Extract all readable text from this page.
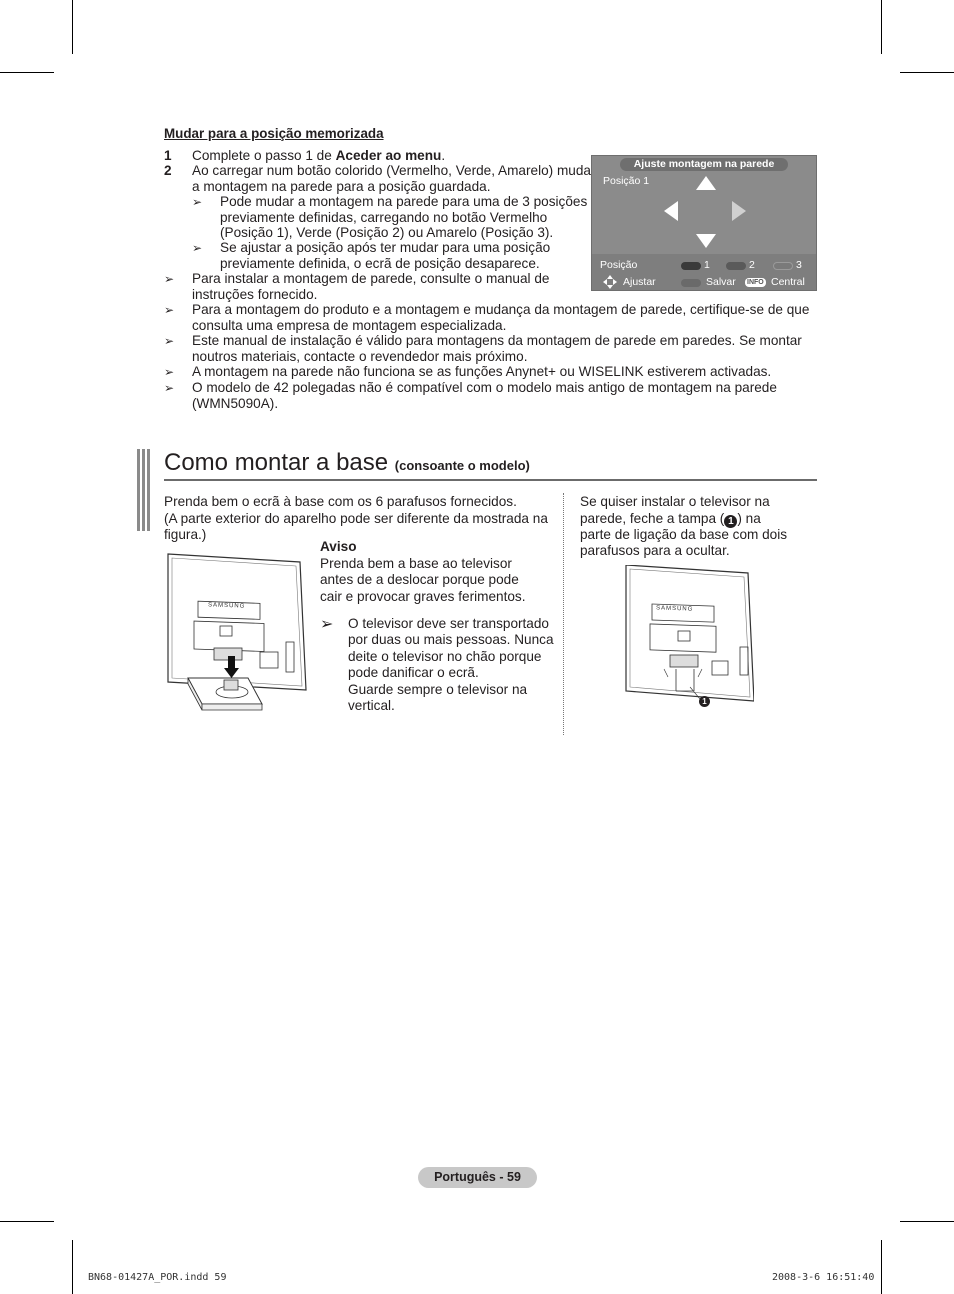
Mudar para a posição memorizada
1 Complete o passo 1 de Aceder ao menu.
2 Ao carregar num botão colorido (Vermelho, Verde, Amarelo) muda
a montagem na parede para a posição guardada.
➢ Pode mudar a montagem na parede para uma de 3 posições
previamente definidas, carregando no botão Vermelho
(Posição 1), Verde (Posição 2) ou Amarelo (Posição 3).
➢ Se ajustar a posição após ter mudar para uma posição
previamente definida, o ecrã de posição desaparece.
➢ Para instalar a montagem de parede, consulte o manual de
instruções fornecido.
➢ Para a montagem do produto e a montagem e mudança da montagem de parede, certifique-se de que
consulta uma empresa de montagem especializada.
➢ Este manual de instalação é válido para montagens da montagem de parede em paredes. Se montar
noutros materiais, contacte o revendedor mais próximo.
➢ A montagem na parede não funciona se as funções Anynet+ ou WISELINK estiverem activadas.
➢ O modelo de 42 polegadas não é compatível com o modelo mais antigo de montagem na parede
(WMN5090A).
Ajuste montagem na parede
Posição 1
Posição	1	2	3
Ajustar	Salvar INFO Central
Como montar a base (consoante o modelo)
Prenda bem o ecrã à base com os 6 parafusos fornecidos.
(A parte exterior do aparelho pode ser diferente da mostrada na
figura.)
Aviso
Prenda bem a base ao televisor
antes de a deslocar porque pode
cair e provocar graves ferimentos.
➢ O televisor deve ser transportado
por duas ou mais pessoas. Nunca
deite o televisor no chão porque
pode danificar o ecrã.
Guarde sempre o televisor na
vertical.
Se quiser instalar o televisor na
parede, feche a tampa ( 1 ) na
parte de ligação da base com dois
parafusos para a ocultar.
SAMSUNG	SAMSUNG
1
Português - 59
BN68-01427A_POR.indd 59	2008-3-6 16:51:40
